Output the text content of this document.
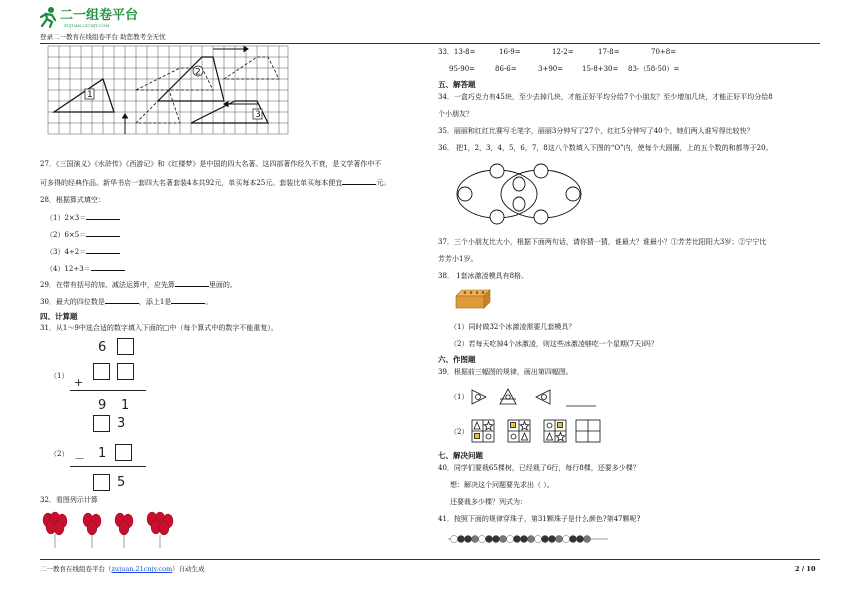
二一组卷平台
ZUJUAN.21CNJY.COM
登录二一教育在线组卷平台 助您教考全无忧
1
2
3
27．《三国演义》《水浒传》《西游记》和《红楼梦》是中国的四大名著。这四部著作经久不衰，是文学著作中不
可多得的经典作品。新华书店一套四大名著套装4本共92元，单买每本25元。套装比单买每本便宜	元。
28．根据算式填空：
（1）2×3＝
（2）6×5＝
（3）4÷2＝
（4）12÷3＝
29．在带有括号的加、减法运算中，应先算	里面的。
30．最大的四位数是	，添上1是	。
四、计算题
31．从1～9中选合适的数字填入下面的□中（每个算式中的数字不能重复）。
6
（1） +
9 1
3
（2） － 1
5
32．看图列示计算
33．13-8=	16-9=	12-2=	17-8=	70+8=
95-90=	86-6=	3+90=	15-8+30= 83-（58-50）=
五、解答题
34．一盒巧克力有45块，至少去掉几块，才能正好平均分给7个小朋友？至少增加几块，才能正好平均分给8
个小朋友？
35．丽丽和红红比赛写毛笔字，丽丽3分钟写了27个，红红5分钟写了40个，她们两人谁写得比较快？
36． 把1，2，3，4，5，6，7，8这八个数填入下图的“O”内，使每个大圆圈，上的五个数的和都等于20。
37．三个小朋友比大小，根据下面两句话，请你猜一猜，谁最大？谁最小？①芳芳比阳阳大3岁；②宁宁比
芳芳小1岁。
38． 1套冰激凌模具有8格。
（1）同时做32个冰激凌需要几套模具？
（2）若每天吃掉4个冰激凌，则这些冰激凌够吃一个星期(7天)吗？
六、作图题
39．根据前三幅图的规律，画出第四幅图。
（1）
（2）
七、解决问题
40．同学们要栽65棵树，已经栽了6行，每行8棵，还要多少棵？
想：解决这个问题要先求出（ ）。
还要栽多少棵？列式为：
41．按照下面的规律穿珠子，第31颗珠子是什么颜色?第47颗呢?
二一教育在线组卷平台（zujuan.21cnjy.com）自动生成	2 / 10
